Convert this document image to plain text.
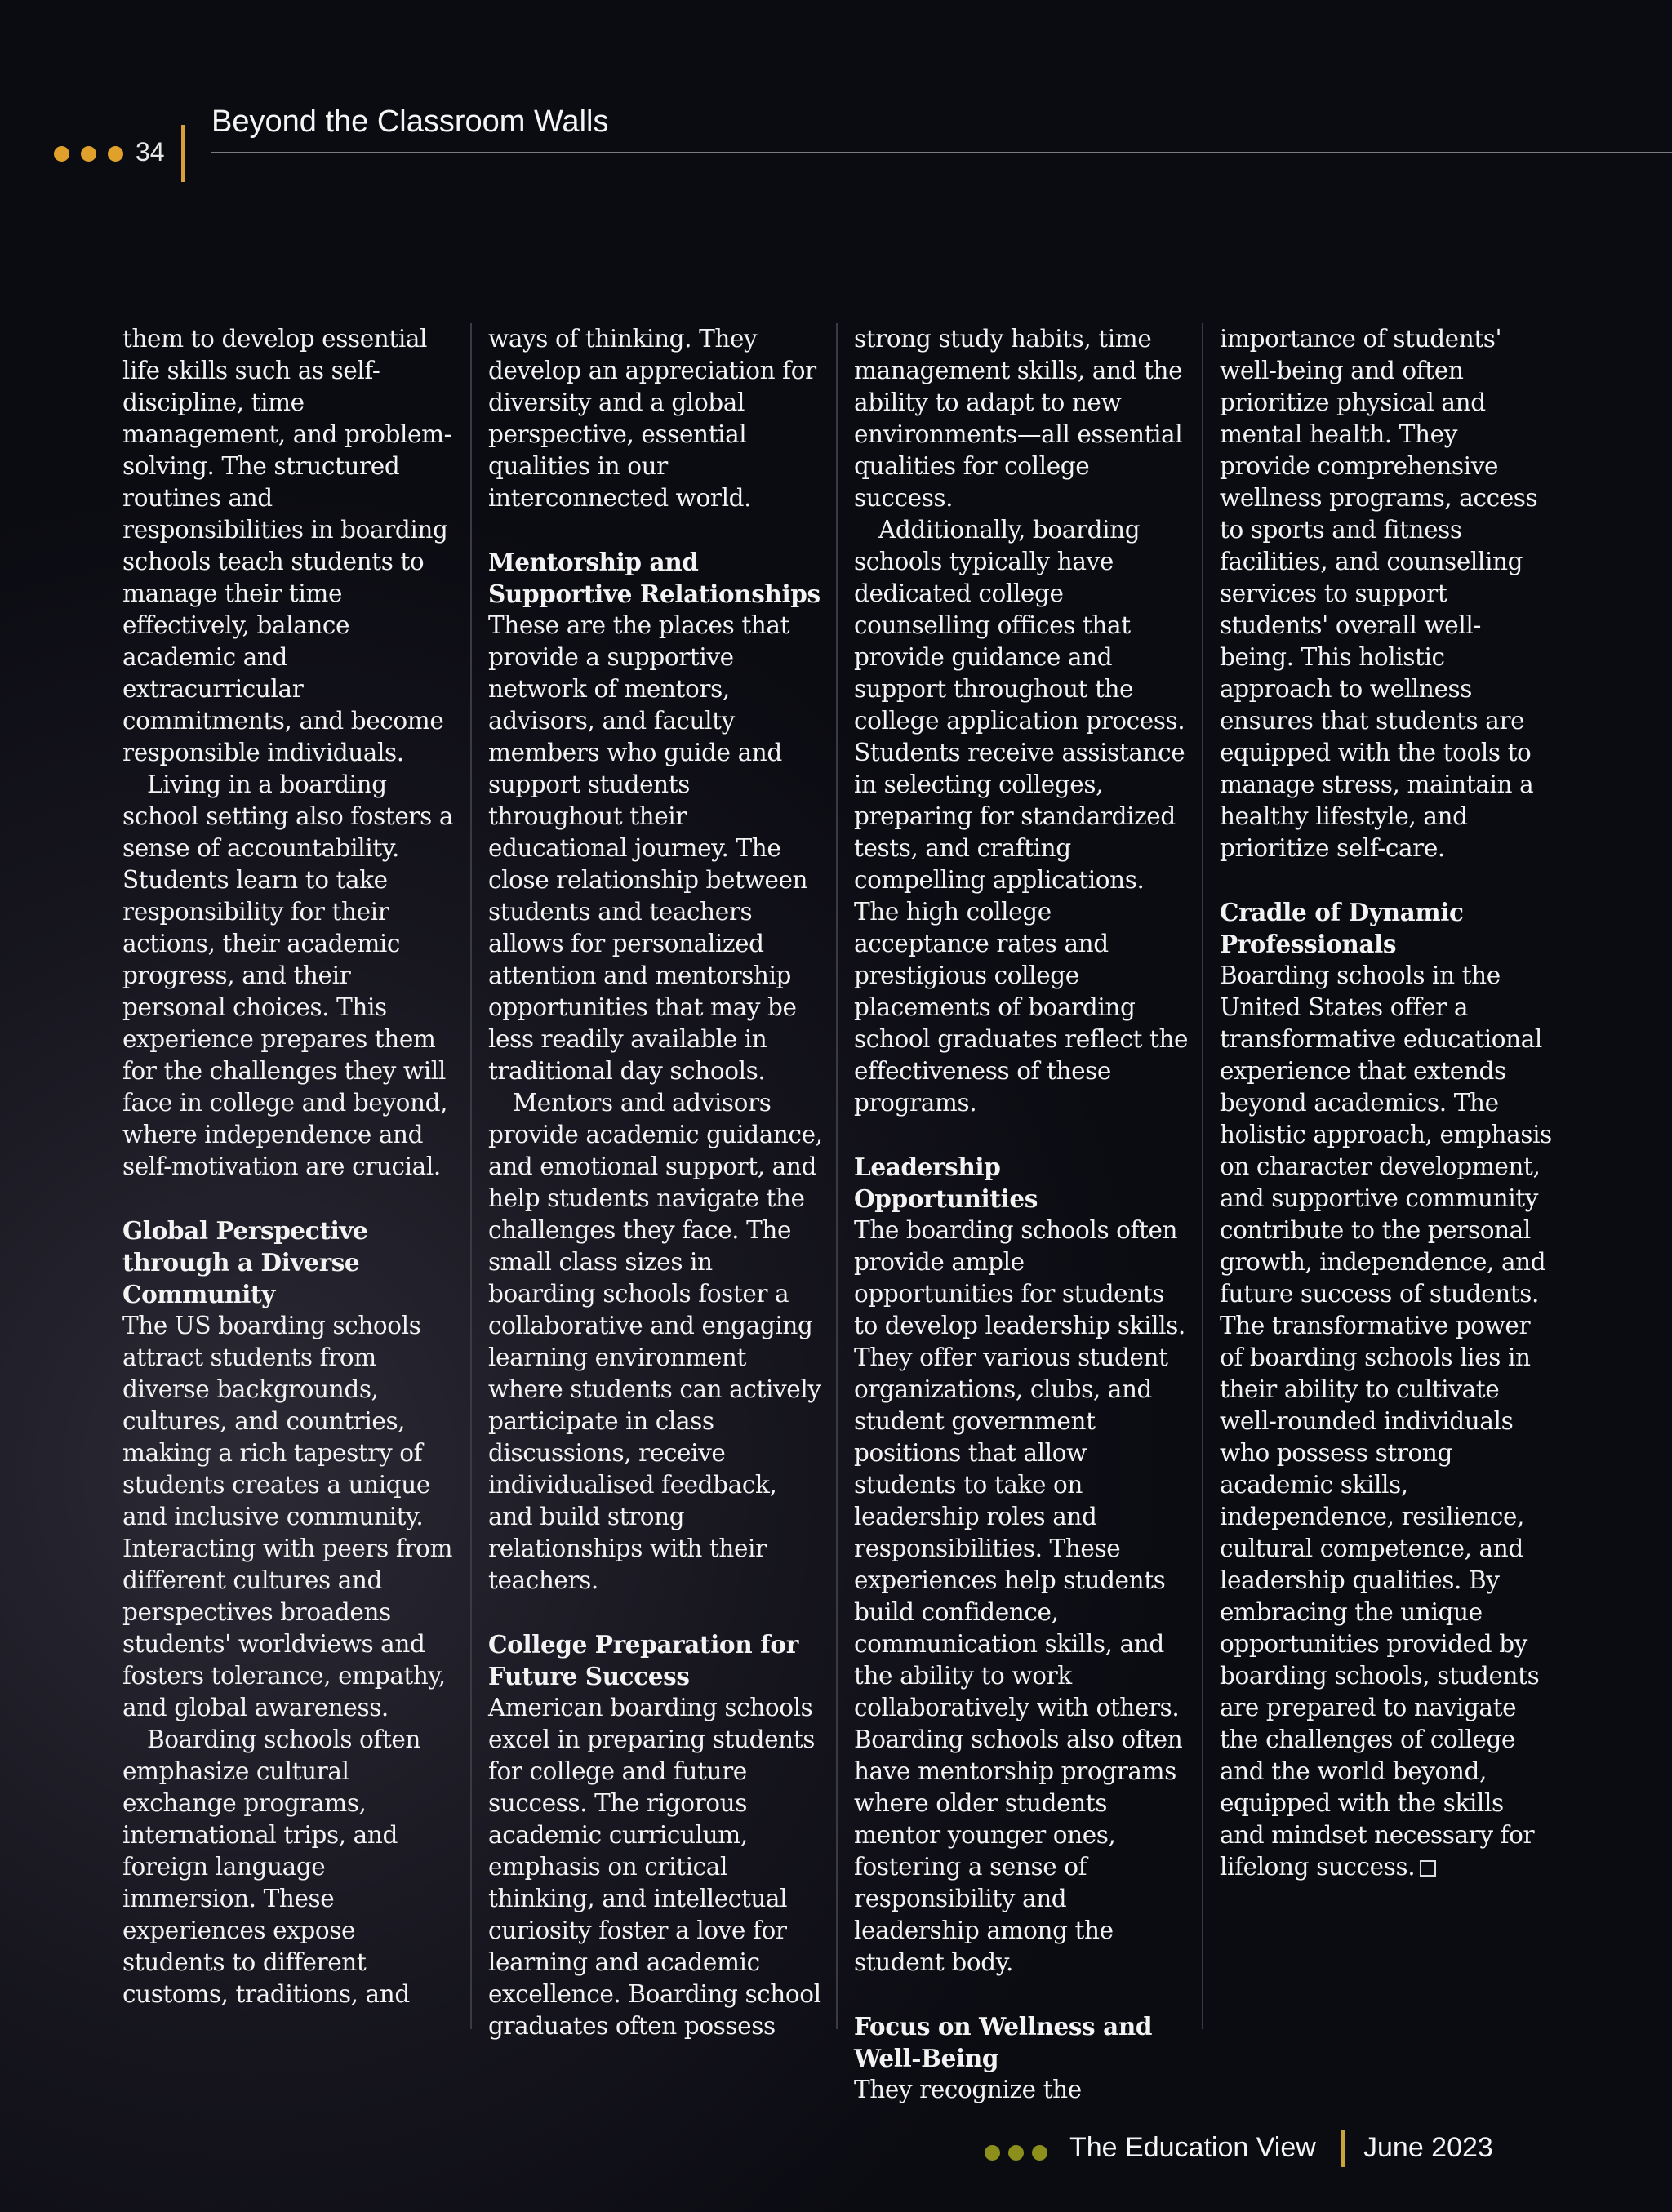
34
Beyond the Classroom Walls

them to develop essential life skills such as self-discipline, time management, and problem-solving. The structured routines and responsibilities in boarding schools teach students to manage their time effectively, balance academic and extracurricular commitments, and become responsible individuals.

Living in a boarding school setting also fosters a sense of accountability. Students learn to take responsibility for their actions, their academic progress, and their personal choices. This experience prepares them for the challenges they will face in college and beyond, where independence and self-motivation are crucial.

Global Perspective through a Diverse Community

The US boarding schools attract students from diverse backgrounds, cultures, and countries, making a rich tapestry of students creates a unique and inclusive community. Interacting with peers from different cultures and perspectives broadens students' worldviews and fosters tolerance, empathy, and global awareness.

Boarding schools often emphasize cultural exchange programs, international trips, and foreign language immersion. These experiences expose students to different customs, traditions, and

ways of thinking. They develop an appreciation for diversity and a global perspective, essential qualities in our interconnected world.

Mentorship and Supportive Relationships

These are the places that provide a supportive network of mentors, advisors, and faculty members who guide and support students throughout their educational journey. The close relationship between students and teachers allows for personalized attention and mentorship opportunities that may be less readily available in traditional day schools.

Mentors and advisors provide academic guidance, and emotional support, and help students navigate the challenges they face. The small class sizes in boarding schools foster a collaborative and engaging learning environment where students can actively participate in class discussions, receive individualised feedback, and build strong relationships with their teachers.

College Preparation for Future Success

American boarding schools excel in preparing students for college and future success. The rigorous academic curriculum, emphasis on critical thinking, and intellectual curiosity foster a love for learning and academic excellence. Boarding school graduates often possess

strong study habits, time management skills, and the ability to adapt to new environments—all essential qualities for college success.

Additionally, boarding schools typically have dedicated college counselling offices that provide guidance and support throughout the college application process. Students receive assistance in selecting colleges, preparing for standardized tests, and crafting compelling applications. The high college acceptance rates and prestigious college placements of boarding school graduates reflect the effectiveness of these programs.

Leadership Opportunities

The boarding schools often provide ample opportunities for students to develop leadership skills. They offer various student organizations, clubs, and student government positions that allow students to take on leadership roles and responsibilities. These experiences help students build confidence, communication skills, and the ability to work collaboratively with others. Boarding schools also often have mentorship programs where older students mentor younger ones, fostering a sense of responsibility and leadership among the student body.

Focus on Wellness and Well-Being

They recognize the

importance of students' well-being and often prioritize physical and mental health. They provide comprehensive wellness programs, access to sports and fitness facilities, and counselling services to support students' overall well-being. This holistic approach to wellness ensures that students are equipped with the tools to manage stress, maintain a healthy lifestyle, and prioritize self-care.

Cradle of Dynamic Professionals

Boarding schools in the United States offer a transformative educational experience that extends beyond academics. The holistic approach, emphasis on character development, and supportive community contribute to the personal growth, independence, and future success of students. The transformative power of boarding schools lies in their ability to cultivate well-rounded individuals who possess strong academic skills, independence, resilience, cultural competence, and leadership qualities. By embracing the unique opportunities provided by boarding schools, students are prepared to navigate the challenges of college and the world beyond, equipped with the skills and mindset necessary for lifelong success.

The Education View June 2023
